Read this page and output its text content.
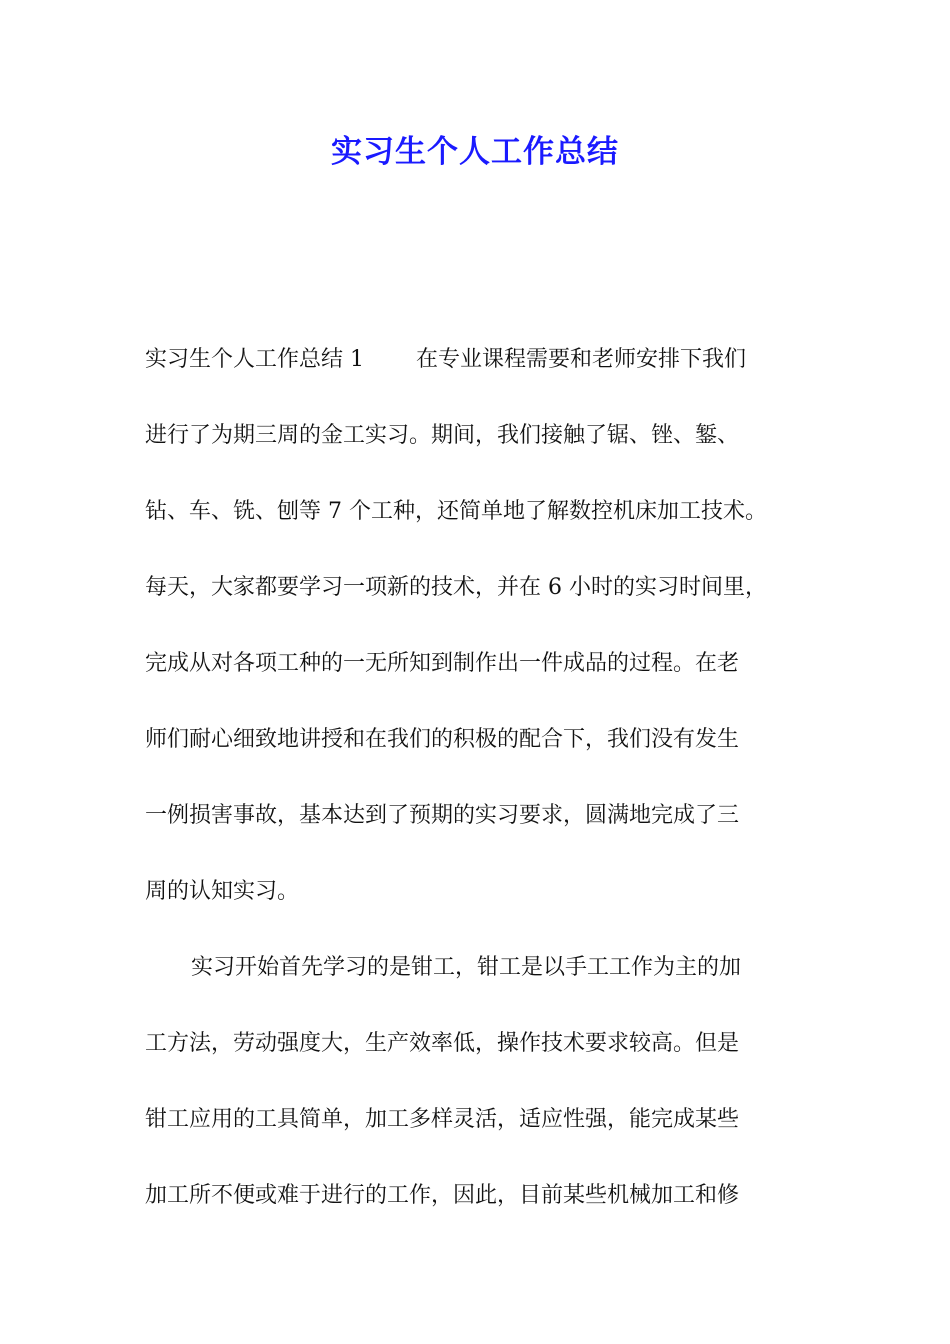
实习生个人工作总结
实习生个人工作总结 1 在专业课程需要和老师安排下我们
进行了为期三周的金工实习。期间，我们接触了锯、锉、錾、
钻、车、铣、刨等 7 个工种，还简单地了解数控机床加工技术。
每天，大家都要学习一项新的技术，并在 6 小时的实习时间里，
完成从对各项工种的一无所知到制作出一件成品的过程。在老
师们耐心细致地讲授和在我们的积极的配合下，我们没有发生
一例损害事故，基本达到了预期的实习要求，圆满地完成了三
周的认知实习。
实习开始首先学习的是钳工，钳工是以手工工作为主的加
工方法，劳动强度大，生产效率低，操作技术要求较高。但是
钳工应用的工具简单，加工多样灵活，适应性强，能完成某些
加工所不便或难于进行的工作，因此，目前某些机械加工和修
